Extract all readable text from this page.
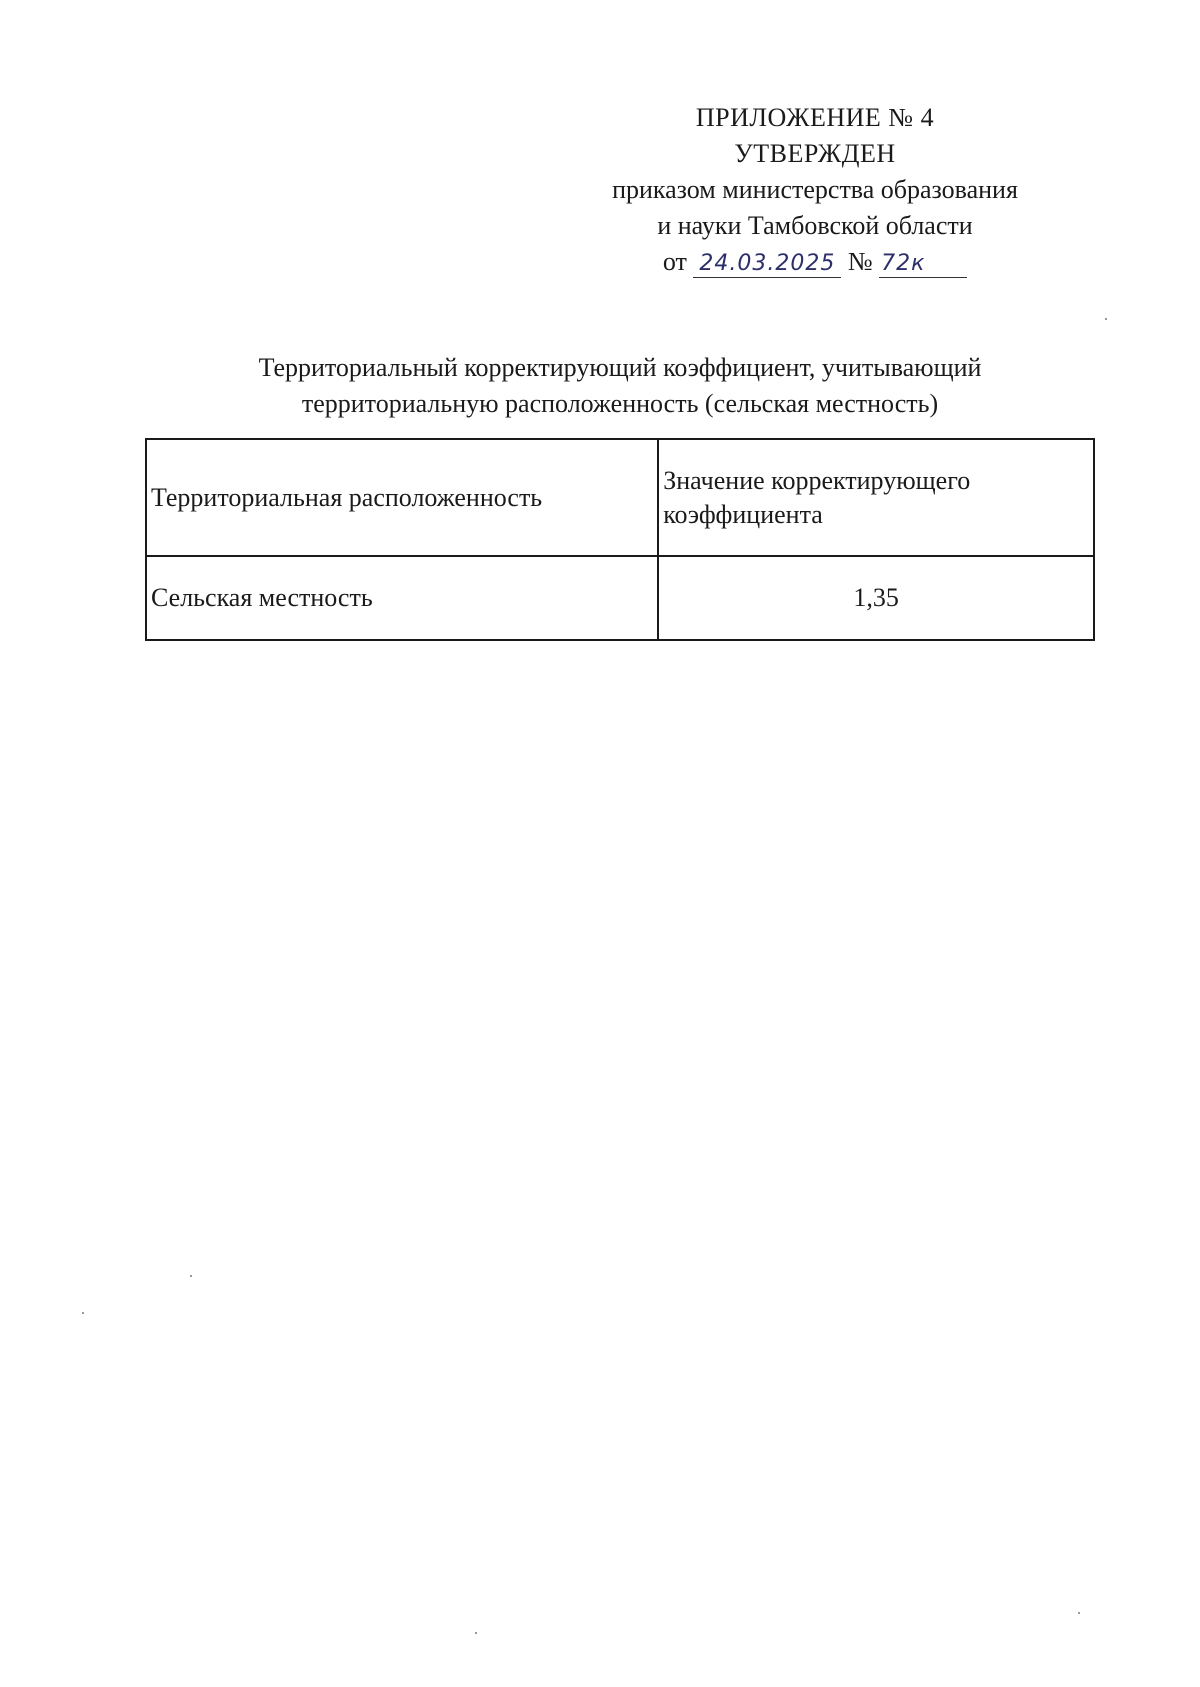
ПРИЛОЖЕНИЕ № 4
УТВЕРЖДЕН
приказом министерства образования
и науки Тамбовской области
от 24.03.2025 № 72к
Территориальный корректирующий коэффициент, учитывающий
территориальную расположенность (сельская местность)
Территориальная расположенность	Значение корректирующего коэффициента
Сельская местность	1,35
